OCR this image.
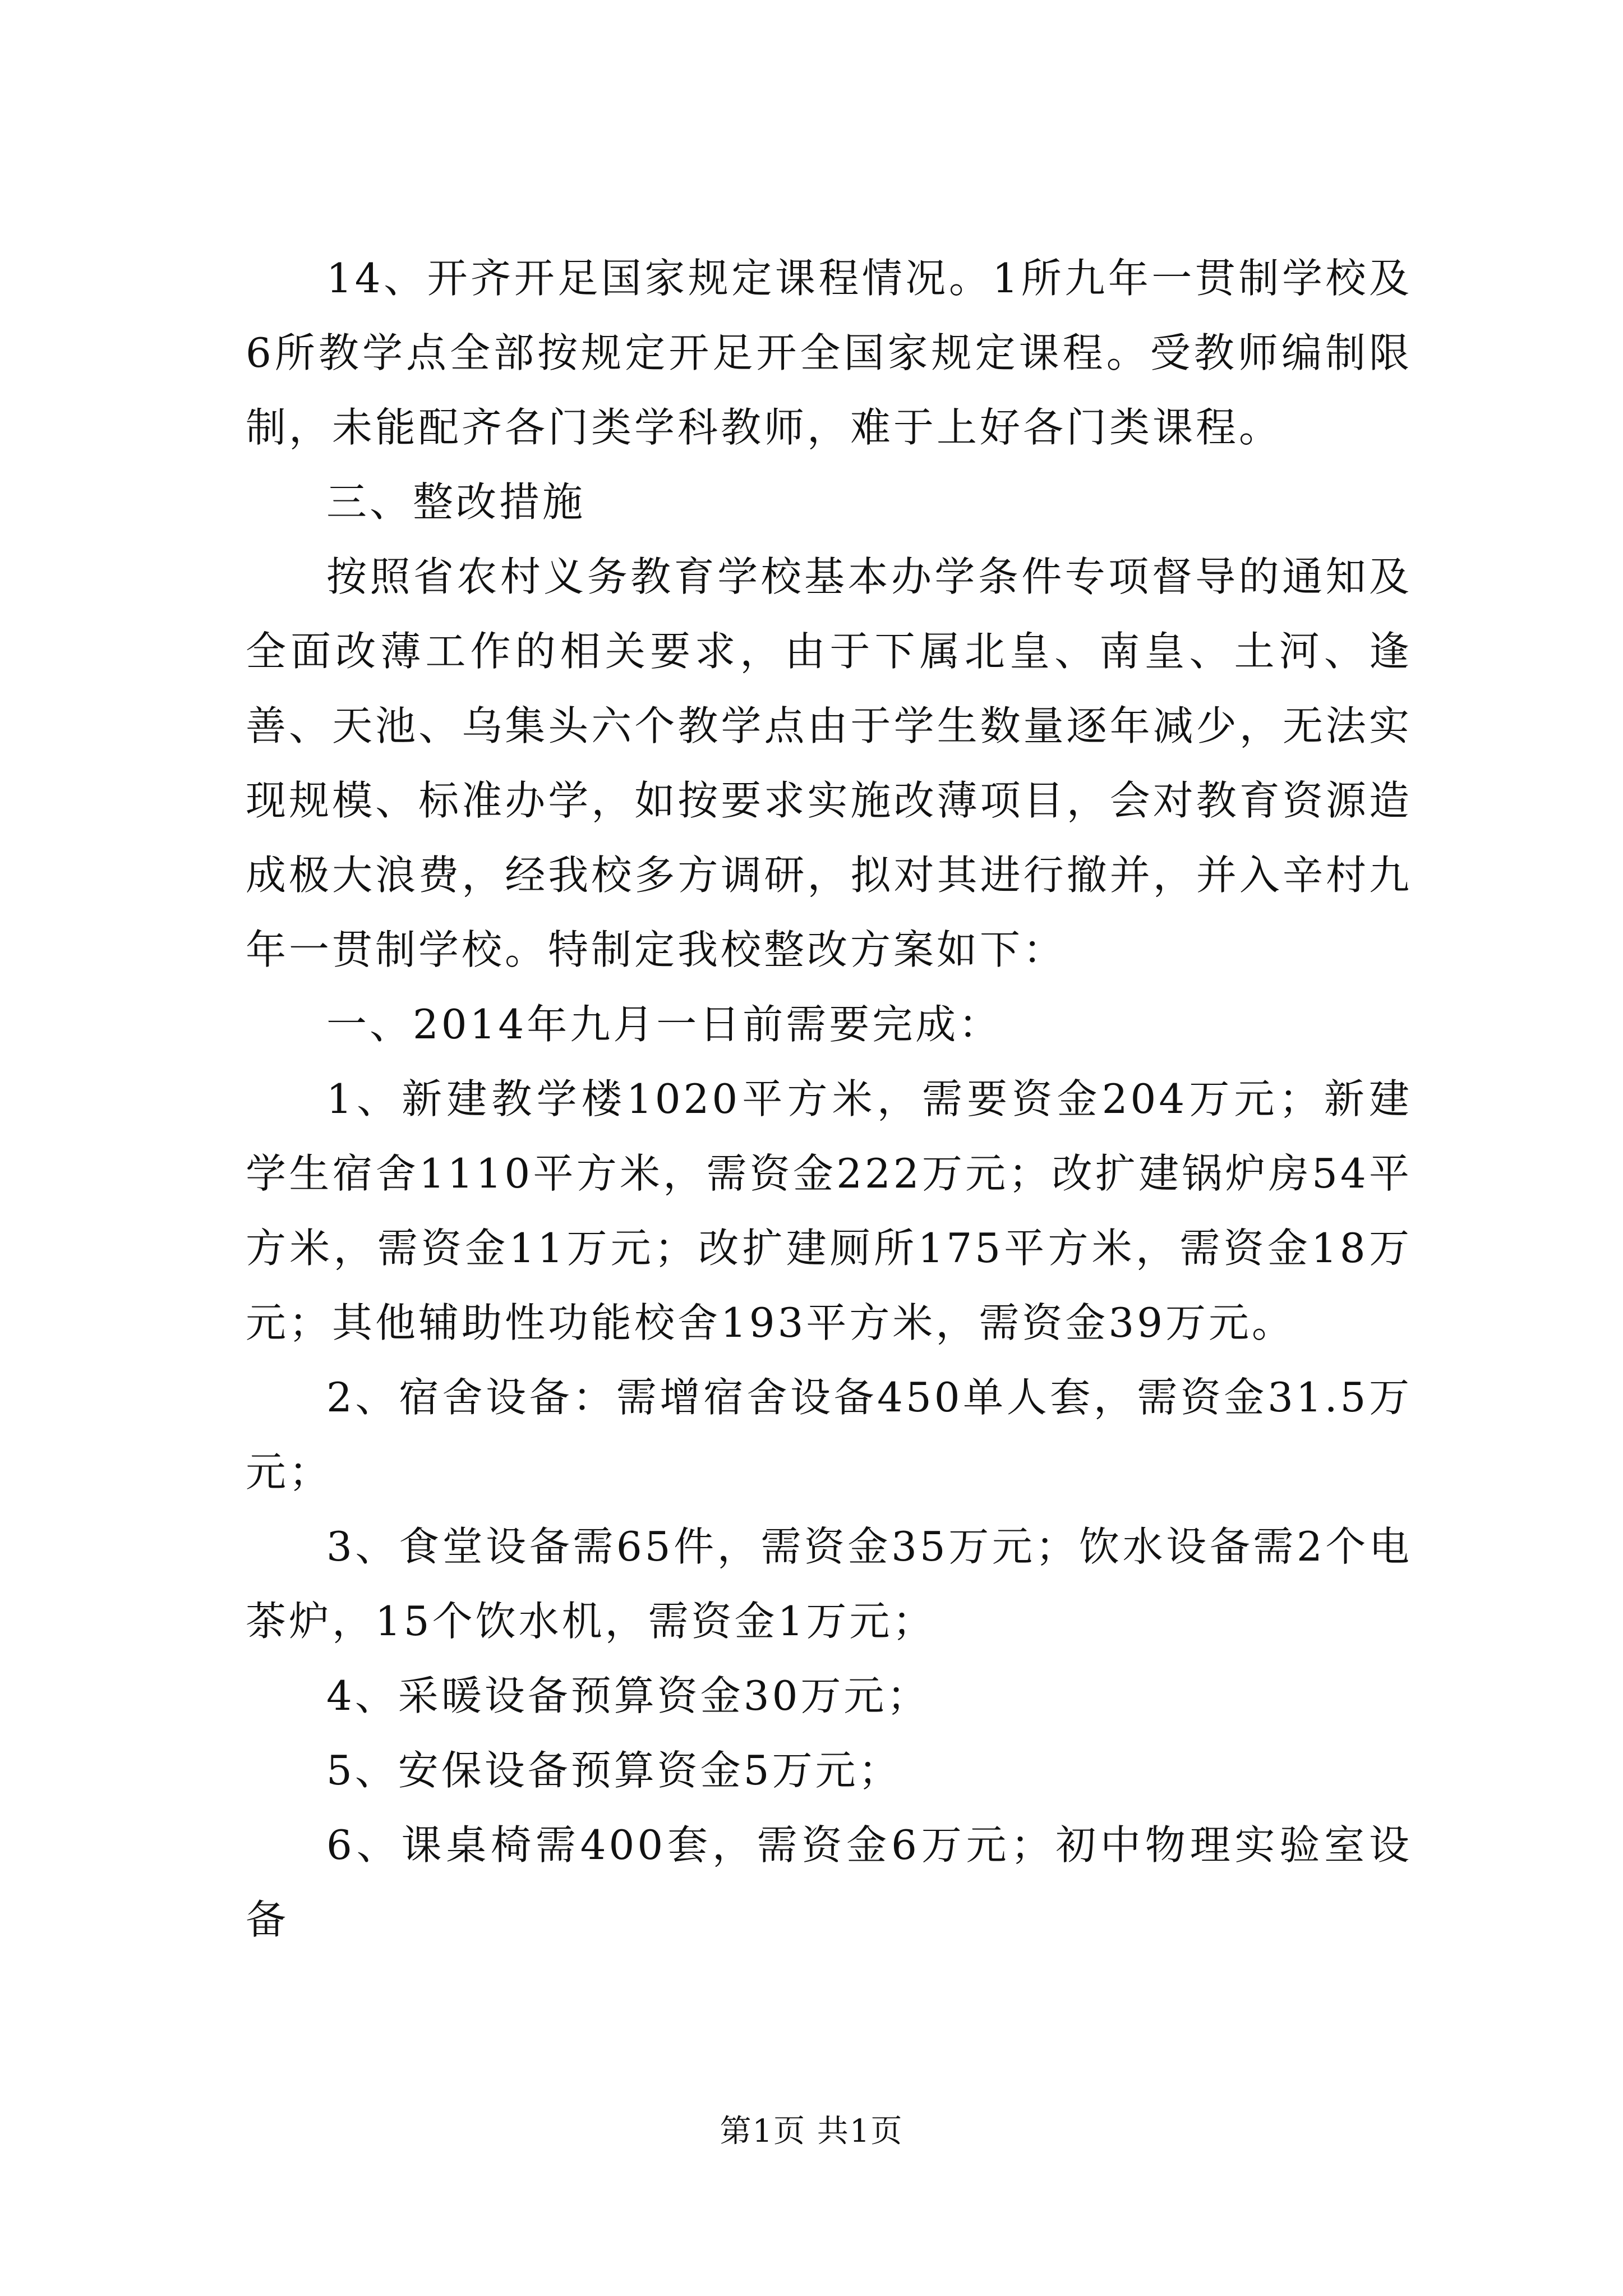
14、开齐开足国家规定课程情况。1所九年一贯制学校及6所教学点全部按规定开足开全国家规定课程。受教师编制限制，未能配齐各门类学科教师，难于上好各门类课程。

三、整改措施

按照省农村义务教育学校基本办学条件专项督导的通知及全面改薄工作的相关要求，由于下属北皇、南皇、土河、逢善、天池、乌集头六个教学点由于学生数量逐年减少，无法实现规模、标准办学，如按要求实施改薄项目，会对教育资源造成极大浪费，经我校多方调研，拟对其进行撤并，并入辛村九年一贯制学校。特制定我校整改方案如下：

一、2014年九月一日前需要完成：

1、新建教学楼1020平方米，需要资金204万元；新建学生宿舍1110平方米，需资金222万元；改扩建锅炉房54平方米，需资金11万元；改扩建厕所175平方米，需资金18万元；其他辅助性功能校舍193平方米，需资金39万元。

2、宿舍设备：需增宿舍设备450单人套，需资金31.5万元；

3、食堂设备需65件，需资金35万元；饮水设备需2个电茶炉，15个饮水机，需资金1万元；

4、采暖设备预算资金30万元；

5、安保设备预算资金5万元；

6、课桌椅需400套，需资金6万元；初中物理实验室设备

第1页 共1页
